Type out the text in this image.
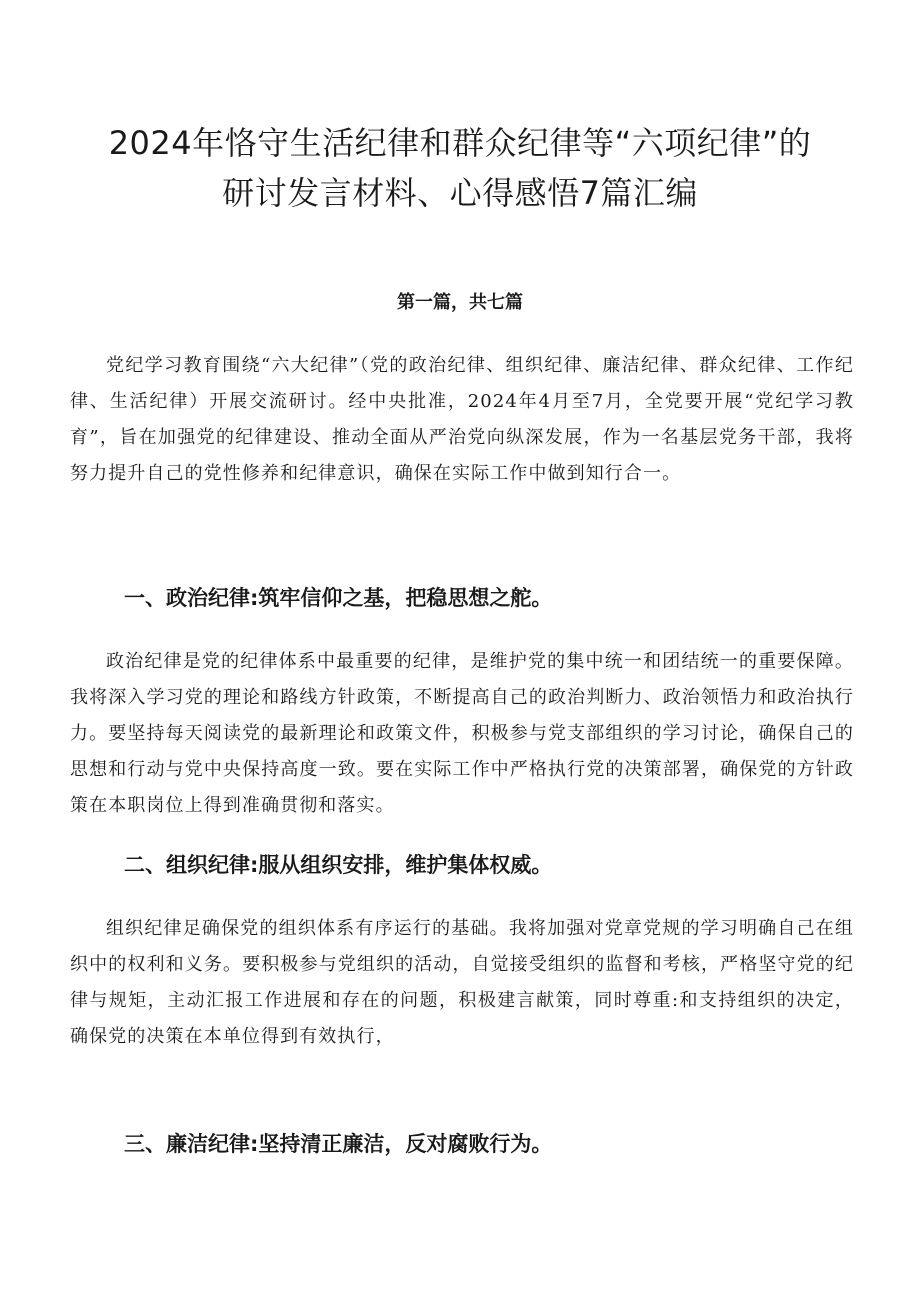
2024年恪守生活纪律和群众纪律等“六项纪律”的
研讨发言材料、心得感悟7篇汇编
第一篇，共七篇

党纪学习教育围绕“六大纪律”（党的政治纪律、组织纪律、廉洁纪律、群众纪律、工作纪律、生活纪律）开展交流研讨。经中央批准，2024年4月至7月，全党要开展“党纪学习教育”，旨在加强党的纪律建设、推动全面从严治党向纵深发展，作为一名基层党务干部，我将努力提升自己的党性修养和纪律意识，确保在实际工作中做到知行合一。

一、政治纪律:筑牢信仰之基，把稳思想之舵。

政治纪律是党的纪律体系中最重要的纪律，是维护党的集中统一和团结统一的重要保障。我将深入学习党的理论和路线方针政策，不断提高自己的政治判断力、政治领悟力和政治执行力。要坚持每天阅读党的最新理论和政策文件，积极参与党支部组织的学习讨论，确保自己的思想和行动与党中央保持高度一致。要在实际工作中严格执行党的决策部署，确保党的方针政策在本职岗位上得到准确贯彻和落实。

二、组织纪律:服从组织安排，维护集体权威。

组织纪律足确保党的组织体系有序运行的基础。我将加强对党章党规的学习明确自己在组织中的权利和义务。要积极参与党组织的活动，自觉接受组织的监督和考核，严格坚守党的纪律与规矩，主动汇报工作进展和存在的问题，积极建言献策，同时尊重:和支持组织的决定，确保党的决策在本单位得到有效执行，

三、廉洁纪律:坚持清正廉洁，反对腐败行为。
